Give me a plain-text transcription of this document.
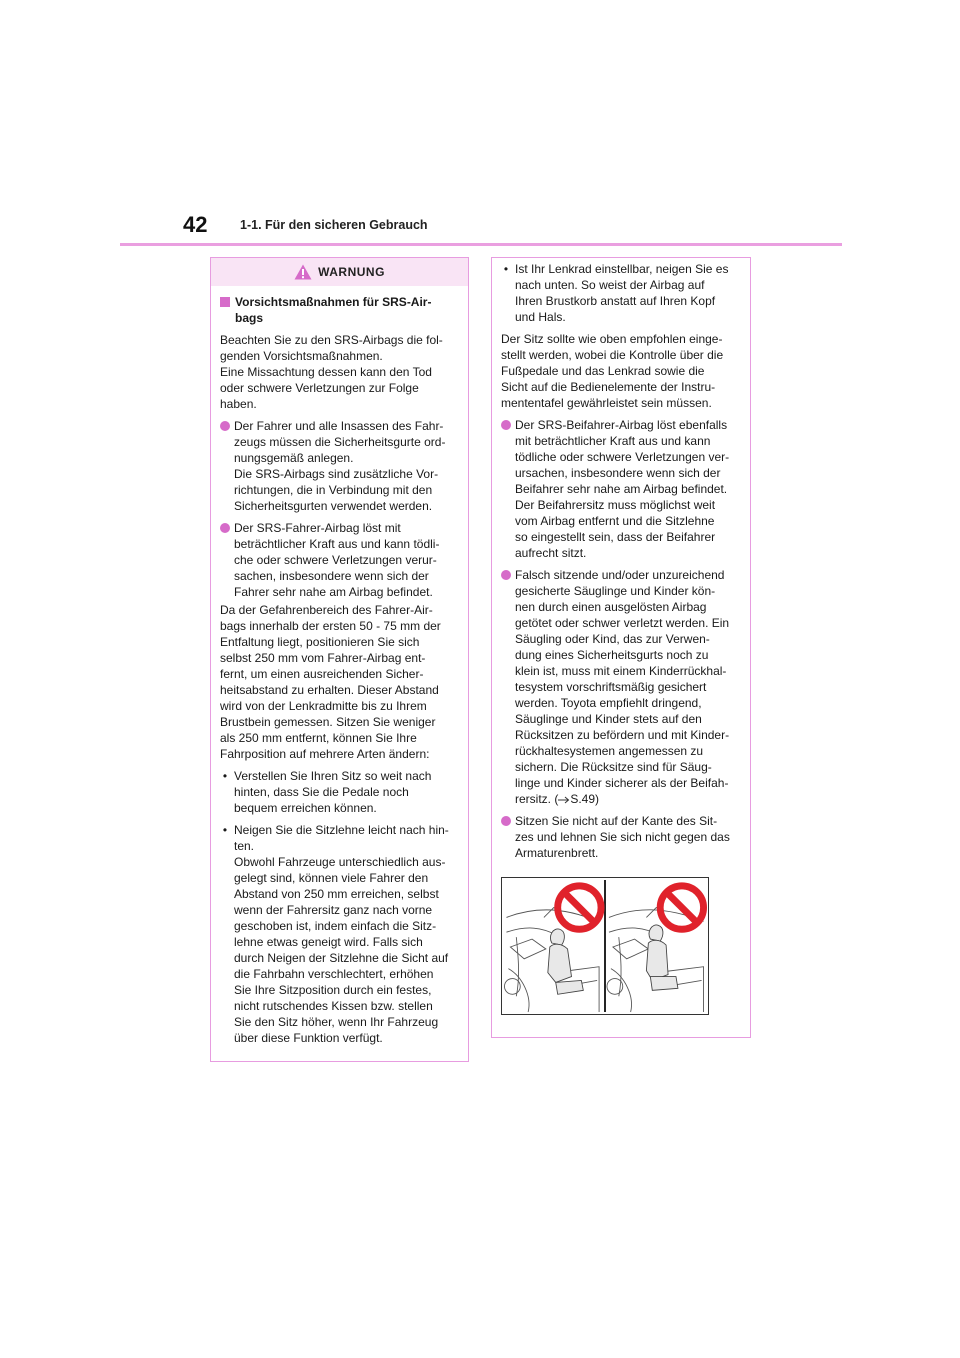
42	1-1. Für den sicheren Gebrauch
WARNUNG
Vorsichtsmaßnahmen für SRS-Air-
bags

Beachten Sie zu den SRS-Airbags die fol-
genden Vorsichtsmaßnahmen.
Eine Missachtung dessen kann den Tod
oder schwere Verletzungen zur Folge
haben.

Der Fahrer und alle Insassen des Fahr-
zeugs müssen die Sicherheitsgurte ord-
nungsgemäß anlegen.
Die SRS-Airbags sind zusätzliche Vor-
richtungen, die in Verbindung mit den
Sicherheitsgurten verwendet werden.
Der SRS-Fahrer-Airbag löst mit
beträchtlicher Kraft aus und kann tödli-
che oder schwere Verletzungen verur-
sachen, insbesondere wenn sich der
Fahrer sehr nahe am Airbag befindet.

Da der Gefahrenbereich des Fahrer-Air-
bags innerhalb der ersten 50 - 75 mm der
Entfaltung liegt, positionieren Sie sich
selbst 250 mm vom Fahrer-Airbag ent-
fernt, um einen ausreichenden Sicher-
heitsabstand zu erhalten. Dieser Abstand
wird von der Lenkradmitte bis zu Ihrem
Brustbein gemessen. Sitzen Sie weniger
als 250 mm entfernt, können Sie Ihre
Fahrposition auf mehrere Arten ändern:

• Verstellen Sie Ihren Sitz so weit nach
hinten, dass Sie die Pedale noch
bequem erreichen können.
• Neigen Sie die Sitzlehne leicht nach hin-
ten.
Obwohl Fahrzeuge unterschiedlich aus-
gelegt sind, können viele Fahrer den
Abstand von 250 mm erreichen, selbst
wenn der Fahrersitz ganz nach vorne
geschoben ist, indem einfach die Sitz-
lehne etwas geneigt wird. Falls sich
durch Neigen der Sitzlehne die Sicht auf
die Fahrbahn verschlechtert, erhöhen
Sie Ihre Sitzposition durch ein festes,
nicht rutschendes Kissen bzw. stellen
Sie den Sitz höher, wenn Ihr Fahrzeug
über diese Funktion verfügt.
• Ist Ihr Lenkrad einstellbar, neigen Sie es
nach unten. So weist der Airbag auf
Ihren Brustkorb anstatt auf Ihren Kopf
und Hals.

Der Sitz sollte wie oben empfohlen einge-
stellt werden, wobei die Kontrolle über die
Fußpedale und das Lenkrad sowie die
Sicht auf die Bedienelemente der Instru-
mententafel gewährleistet sein müssen.

Der SRS-Beifahrer-Airbag löst ebenfalls
mit beträchtlicher Kraft aus und kann
tödliche oder schwere Verletzungen ver-
ursachen, insbesondere wenn sich der
Beifahrer sehr nahe am Airbag befindet.
Der Beifahrersitz muss möglichst weit
vom Airbag entfernt und die Sitzlehne
so eingestellt sein, dass der Beifahrer
aufrecht sitzt.
Falsch sitzende und/oder unzureichend
gesicherte Säuglinge und Kinder kön-
nen durch einen ausgelösten Airbag
getötet oder schwer verletzt werden. Ein
Säugling oder Kind, das zur Verwen-
dung eines Sicherheitsgurts noch zu
klein ist, muss mit einem Kinderrückhal-
tesystem vorschriftsmäßig gesichert
werden. Toyota empfiehlt dringend,
Säuglinge und Kinder stets auf den
Rücksitzen zu befördern und mit Kinder-
rückhaltesystemen angemessen zu
sichern. Die Rücksitze sind für Säug-
linge und Kinder sicherer als der Beifah-
rersitz. ( S.49)
Sitzen Sie nicht auf der Kante des Sit-
zes und lehnen Sie sich nicht gegen das
Armaturenbrett.
